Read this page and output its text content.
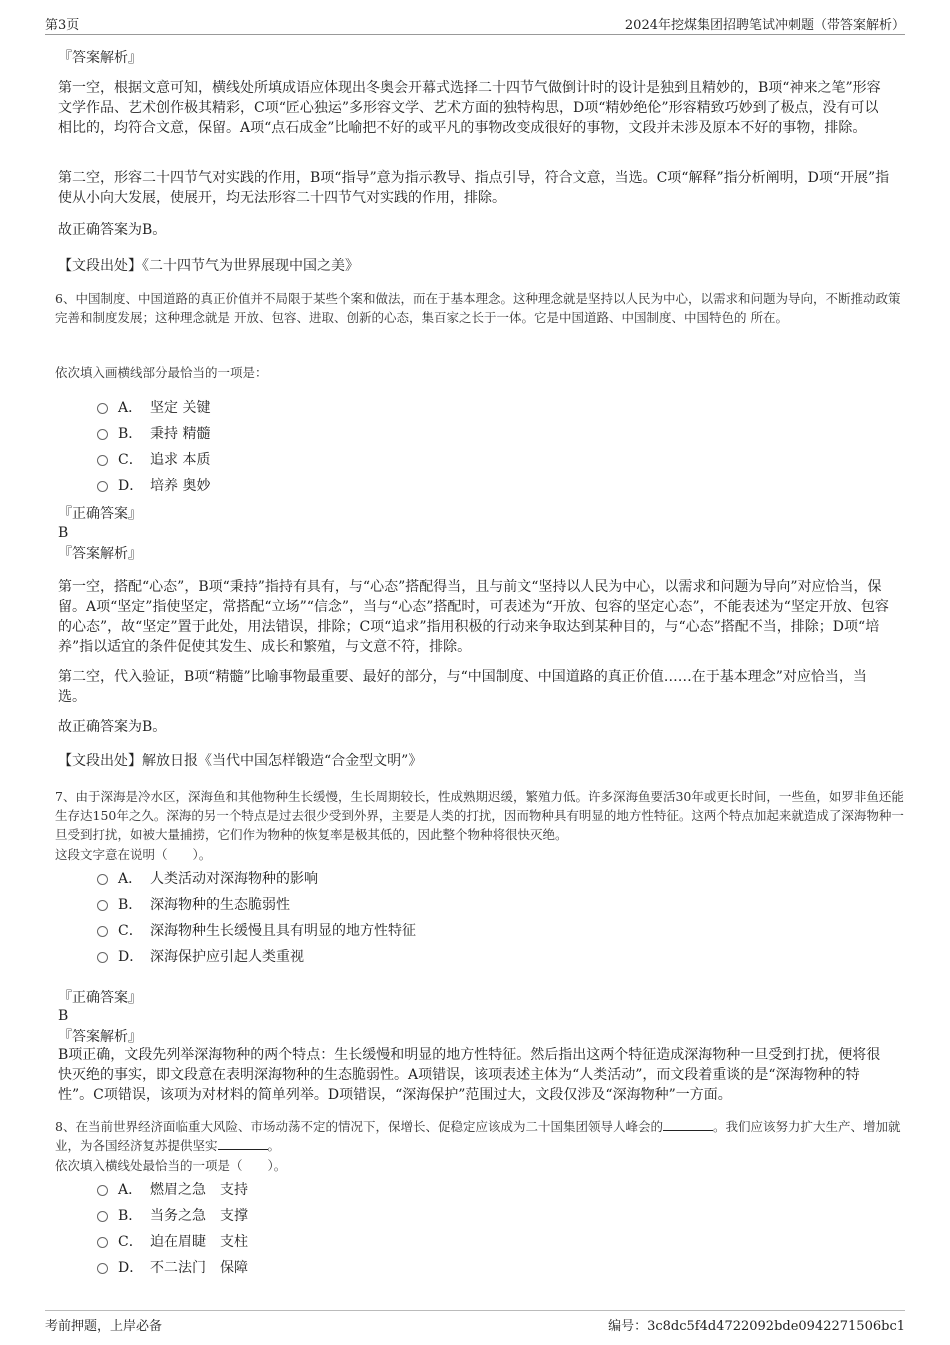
第3页	2024年挖煤集团招聘笔试冲刺题（带答案解析）
『答案解析』
第一空，根据文意可知，横线处所填成语应体现出冬奥会开幕式选择二十四节气做倒计时的设计是独到且精妙的，B项“神来之笔”形容文学作品、艺术创作极其精彩，C项“匠心独运”多形容文学、艺术方面的独特构思，D项“精妙绝伦”形容精致巧妙到了极点，没有可以相比的，均符合文意，保留。A项“点石成金”比喻把不好的或平凡的事物改变成很好的事物，文段并未涉及原本不好的事物，排除。
第二空，形容二十四节气对实践的作用，B项“指导”意为指示教导、指点引导，符合文意，当选。C项“解释”指分析阐明，D项“开展”指使从小向大发展，使展开，均无法形容二十四节气对实践的作用，排除。
故正确答案为B。
【文段出处】《二十四节气为世界展现中国之美》
6、中国制度、中国道路的真正价值并不局限于某些个案和做法，而在于基本理念。这种理念就是坚持以人民为中心，以需求和问题为导向，不断推动政策完善和制度发展；这种理念就是 开放、包容、进取、创新的心态，集百家之长于一体。它是中国道路、中国制度、中国特色的 所在。
依次填入画横线部分最恰当的一项是：
A． 坚定 关键
B． 秉持 精髓
C． 追求 本质
D． 培养 奥妙
『正确答案』
B
『答案解析』
第一空，搭配“心态”，B项“秉持”指持有具有，与“心态”搭配得当，且与前文“坚持以人民为中心，以需求和问题为导向”对应恰当，保留。A项“坚定”指使坚定，常搭配“立场”“信念”，当与“心态”搭配时，可表述为“开放、包容的坚定心态”，不能表述为“坚定开放、包容的心态”，故“坚定”置于此处，用法错误，排除；C项“追求”指用积极的行动来争取达到某种目的，与“心态”搭配不当，排除；D项“培养”指以适宜的条件促使其发生、成长和繁殖，与文意不符，排除。
第二空，代入验证，B项“精髓”比喻事物最重要、最好的部分，与“中国制度、中国道路的真正价值……在于基本理念”对应恰当，当选。
故正确答案为B。
【文段出处】解放日报《当代中国怎样锻造“合金型文明”》
7、由于深海是冷水区，深海鱼和其他物种生长缓慢，生长周期较长，性成熟期迟缓，繁殖力低。许多深海鱼要活30年或更长时间，一些鱼，如罗非鱼还能生存达150年之久。深海的另一个特点是过去很少受到外界，主要是人类的打扰，因而物种具有明显的地方性特征。这两个特点加起来就造成了深海物种一旦受到打扰，如被大量捕捞，它们作为物种的恢复率是极其低的，因此整个物种将很快灭绝。
这段文字意在说明（　　）。
A． 人类活动对深海物种的影响
B． 深海物种的生态脆弱性
C． 深海物种生长缓慢且具有明显的地方性特征
D． 深海保护应引起人类重视
『正确答案』
B
『答案解析』
B项正确，文段先列举深海物种的两个特点：生长缓慢和明显的地方性特征。然后指出这两个特征造成深海物种一旦受到打扰，便将很快灭绝的事实，即文段意在表明深海物种的生态脆弱性。A项错误，该项表述主体为“人类活动”，而文段着重谈的是“深海物种的特性”。C项错误，该项为对材料的简单列举。D项错误，“深海保护”范围过大，文段仅涉及“深海物种”一方面。
8、在当前世界经济面临重大风险、市场动荡不定的情况下，保增长、促稳定应该成为二十国集团领导人峰会的	。我们应该努力扩大生产、增加就业，为各国经济复苏提供坚实	。
依次填入横线处最恰当的一项是（　　）。
A． 燃眉之急　支持
B． 当务之急　支撑
C． 迫在眉睫　支柱
D． 不二法门　保障
考前押题，上岸必备	编号：3c8dc5f4d4722092bde0942271506bc1
